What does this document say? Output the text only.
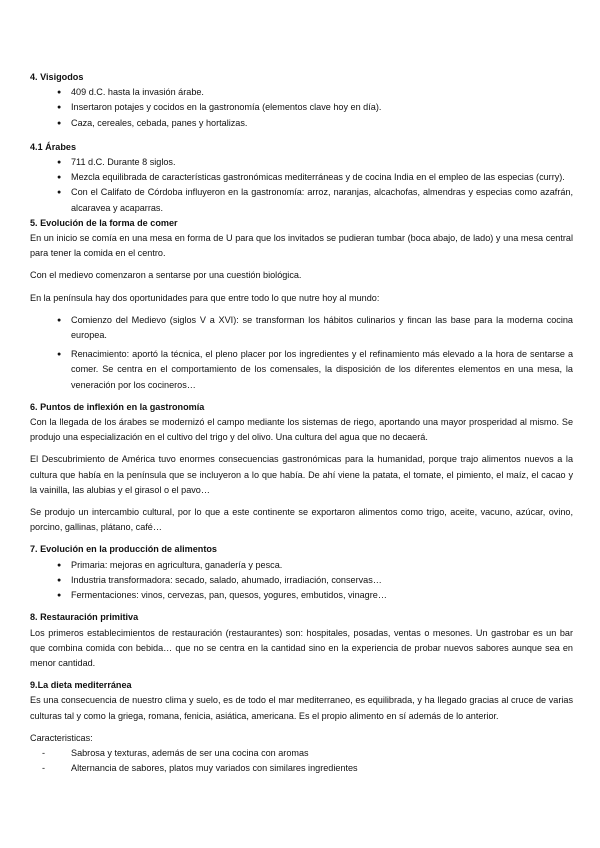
4. Visigodos
● 409 d.C. hasta la invasión árabe.
● Insertaron potajes y cocidos en la gastronomía (elementos clave hoy en día).
● Caza, cereales, cebada, panes y hortalizas.
4.1 Árabes
● 711 d.C. Durante 8 siglos.
● Mezcla equilibrada de características gastronómicas mediterráneas y de cocina India en el empleo de las especias (curry).
● Con el Califato de Córdoba influyeron en la gastronomía: arroz, naranjas, alcachofas, almendras y especias como azafrán, alcaravea y acaparras.
5. Evolución de la forma de comer
En un inicio se comía en una mesa en forma de U para que los invitados se pudieran tumbar (boca abajo, de lado) y una mesa central para tener la comida en el centro.
Con el medievo comenzaron a sentarse por una cuestión biológica.
En la península hay dos oportunidades para que entre todo lo que nutre hoy al mundo:
● Comienzo del Medievo (siglos V a XVI): se transforman los hábitos culinarios y fincan las base para la moderna cocina europea.
● Renacimiento: aportó la técnica, el pleno placer por los ingredientes y el refinamiento más elevado a la hora de sentarse a comer. Se centra en el comportamiento de los comensales, la disposición de los diferentes elementos en una mesa, la veneración por los cocineros…
6. Puntos de inflexión en la gastronomía
Con la llegada de los árabes se modernizó el campo mediante los sistemas de riego, aportando una mayor prosperidad al mismo. Se produjo una especialización en el cultivo del trigo y del olivo. Una cultura del agua que no decaerá.
El Descubrimiento de América tuvo enormes consecuencias gastronómicas para la humanidad, porque trajo alimentos nuevos a la cultura que había en la península que se incluyeron a lo que había. De ahí viene la patata, el tomate, el pimiento, el maíz, el cacao y la vainilla, las alubias y el girasol o el pavo…
Se produjo un intercambio cultural, por lo que a este continente se exportaron alimentos como trigo, aceite, vacuno, azúcar, ovino, porcino, gallinas, plátano, café…
7. Evolución en la producción de alimentos
● Primaria: mejoras en agricultura, ganadería y pesca.
● Industria transformadora: secado, salado, ahumado, irradiación, conservas…
● Fermentaciones: vinos, cervezas, pan, quesos, yogures, embutidos, vinagre…
8. Restauración primitiva
Los primeros establecimientos de restauración (restaurantes) son: hospitales, posadas, ventas o mesones. Un gastrobar es un bar que combina comida con bebida… que no se centra en la cantidad sino en la experiencia de probar nuevos sabores aunque sea en menor cantidad.
9.La dieta mediterránea
Es una consecuencia de nuestro clima y suelo, es de todo el mar mediterraneo, es equilibrada, y ha llegado gracias al cruce de varias culturas tal y como la griega, romana, fenicia, asiática, americana. Es el propio alimento en sí además de lo anterior.
Caracteristicas:
-	Sabrosa y texturas, además de ser una cocina con aromas
-	Alternancia de sabores, platos muy variados con similares ingredientes
